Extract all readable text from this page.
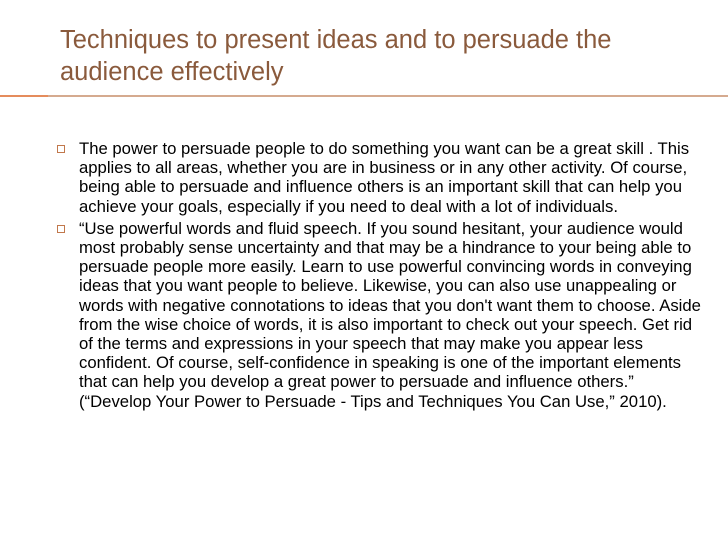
Techniques to present ideas and to persuade the audience effectively
The power to persuade people to do something you want can be a great skill . This applies to all areas, whether you are in business or in any other activity. Of course, being able to persuade and influence others is an important skill that can help you achieve your goals, especially if you need to deal with a lot of individuals.
“Use powerful words and fluid speech. If you sound hesitant, your audience would most probably sense uncertainty and that may be a hindrance to your being able to persuade people more easily. Learn to use powerful convincing words in conveying ideas that you want people to believe. Likewise, you can also use unappealing or words with negative connotations to ideas that you don't want them to choose. Aside from the wise choice of words, it is also important to check out your speech. Get rid of the terms and expressions in your speech that may make you appear less confident. Of course, self-confidence in speaking is one of the important elements that can help you develop a great power to persuade and influence others.” (“Develop Your Power to Persuade - Tips and Techniques You Can Use,” 2010).
